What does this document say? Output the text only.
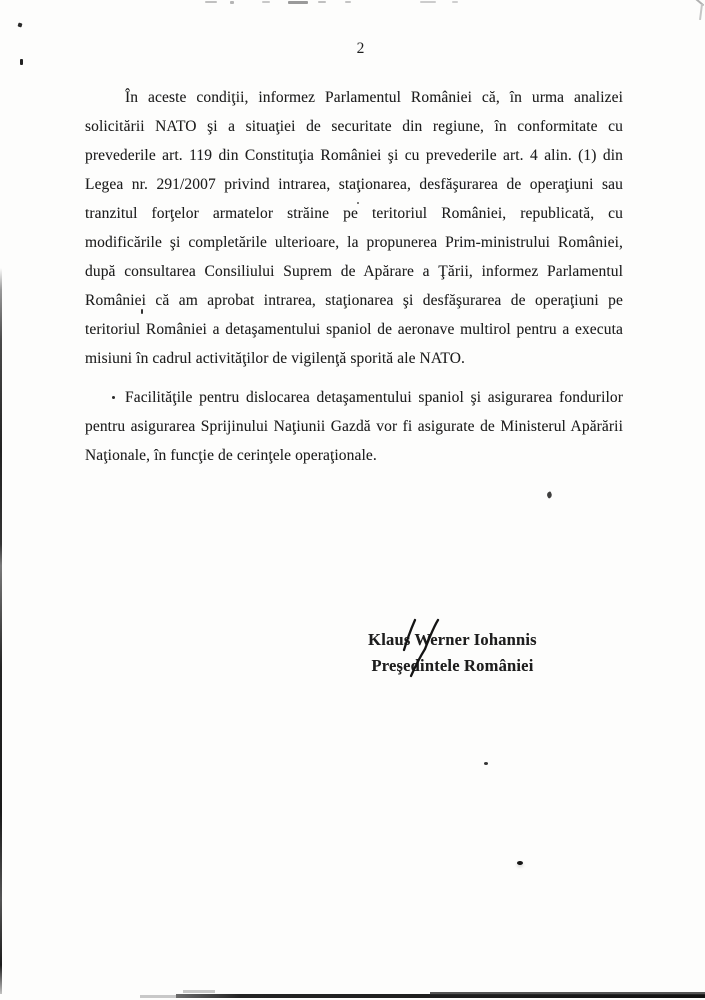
2
În aceste condiţii, informez Parlamentul României că, în urma analizei
solicitării NATO şi a situaţiei de securitate din regiune, în conformitate cu
prevederile art. 119 din Constituţia României şi cu prevederile art. 4 alin. (1) din
Legea nr. 291/2007 privind intrarea, staţionarea, desfăşurarea de operaţiuni sau
tranzitul forţelor armatelor străine pe teritoriul României, republicată, cu
modificările şi completările ulterioare, la propunerea Prim-ministrului României,
după consultarea Consiliului Suprem de Apărare a Ţării, informez Parlamentul
României că am aprobat intrarea, staţionarea şi desfăşurarea de operaţiuni pe
teritoriul României a detaşamentului spaniol de aeronave multirol pentru a executa
misiuni în cadrul activităţilor de vigilenţă sporită ale NATO.
Facilităţile pentru dislocarea detaşamentului spaniol şi asigurarea fondurilor
pentru asigurarea Sprijinului Naţiunii Gazdă vor fi asigurate de Ministerul Apărării
Naţionale, în funcţie de cerinţele operaţionale.
Klaus Werner Iohannis
Preşedintele României
